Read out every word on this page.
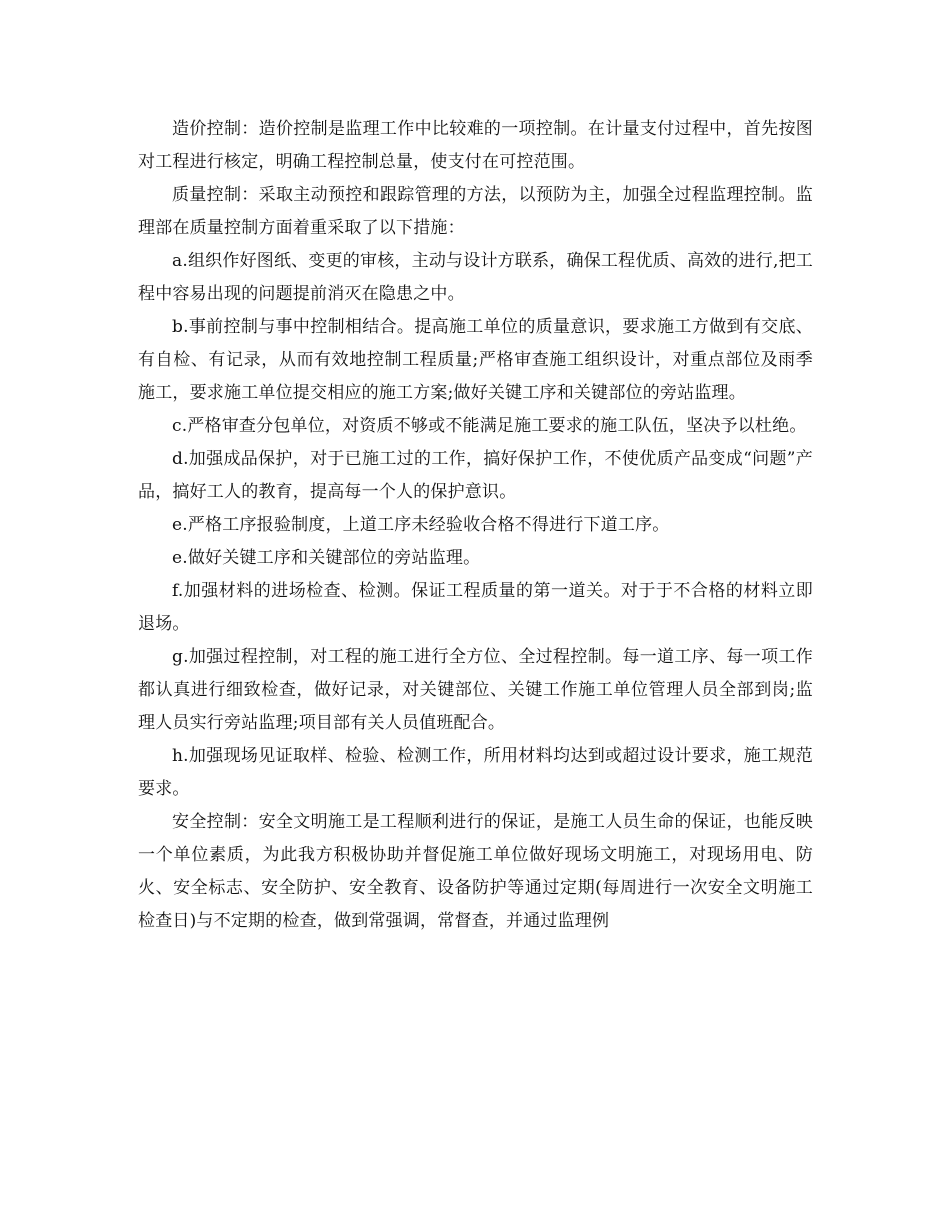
造价控制：造价控制是监理工作中比较难的一项控制。在计量支付过程中，首先按图对工程进行核定，明确工程控制总量，使支付在可控范围。

质量控制：采取主动预控和跟踪管理的方法，以预防为主，加强全过程监理控制。监理部在质量控制方面着重采取了以下措施：

a.组织作好图纸、变更的审核，主动与设计方联系，确保工程优质、高效的进行,把工程中容易出现的问题提前消灭在隐患之中。

b.事前控制与事中控制相结合。提高施工单位的质量意识，要求施工方做到有交底、有自检、有记录，从而有效地控制工程质量;严格审查施工组织设计，对重点部位及雨季施工，要求施工单位提交相应的施工方案;做好关键工序和关键部位的旁站监理。

c.严格审查分包单位，对资质不够或不能满足施工要求的施工队伍，坚决予以杜绝。

d.加强成品保护，对于已施工过的工作，搞好保护工作，不使优质产品变成“问题”产品，搞好工人的教育，提高每一个人的保护意识。

e.严格工序报验制度，上道工序未经验收合格不得进行下道工序。

e.做好关键工序和关键部位的旁站监理。

f.加强材料的进场检查、检测。保证工程质量的第一道关。对于于不合格的材料立即退场。

g.加强过程控制，对工程的施工进行全方位、全过程控制。每一道工序、每一项工作都认真进行细致检查，做好记录，对关键部位、关键工作施工单位管理人员全部到岗;监理人员实行旁站监理;项目部有关人员值班配合。

h.加强现场见证取样、检验、检测工作，所用材料均达到或超过设计要求，施工规范要求。

安全控制：安全文明施工是工程顺利进行的保证，是施工人员生命的保证，也能反映一个单位素质，为此我方积极协助并督促施工单位做好现场文明施工，对现场用电、防火、安全标志、安全防护、安全教育、设备防护等通过定期(每周进行一次安全文明施工检查日)与不定期的检查，做到常强调，常督查，并通过监理例
